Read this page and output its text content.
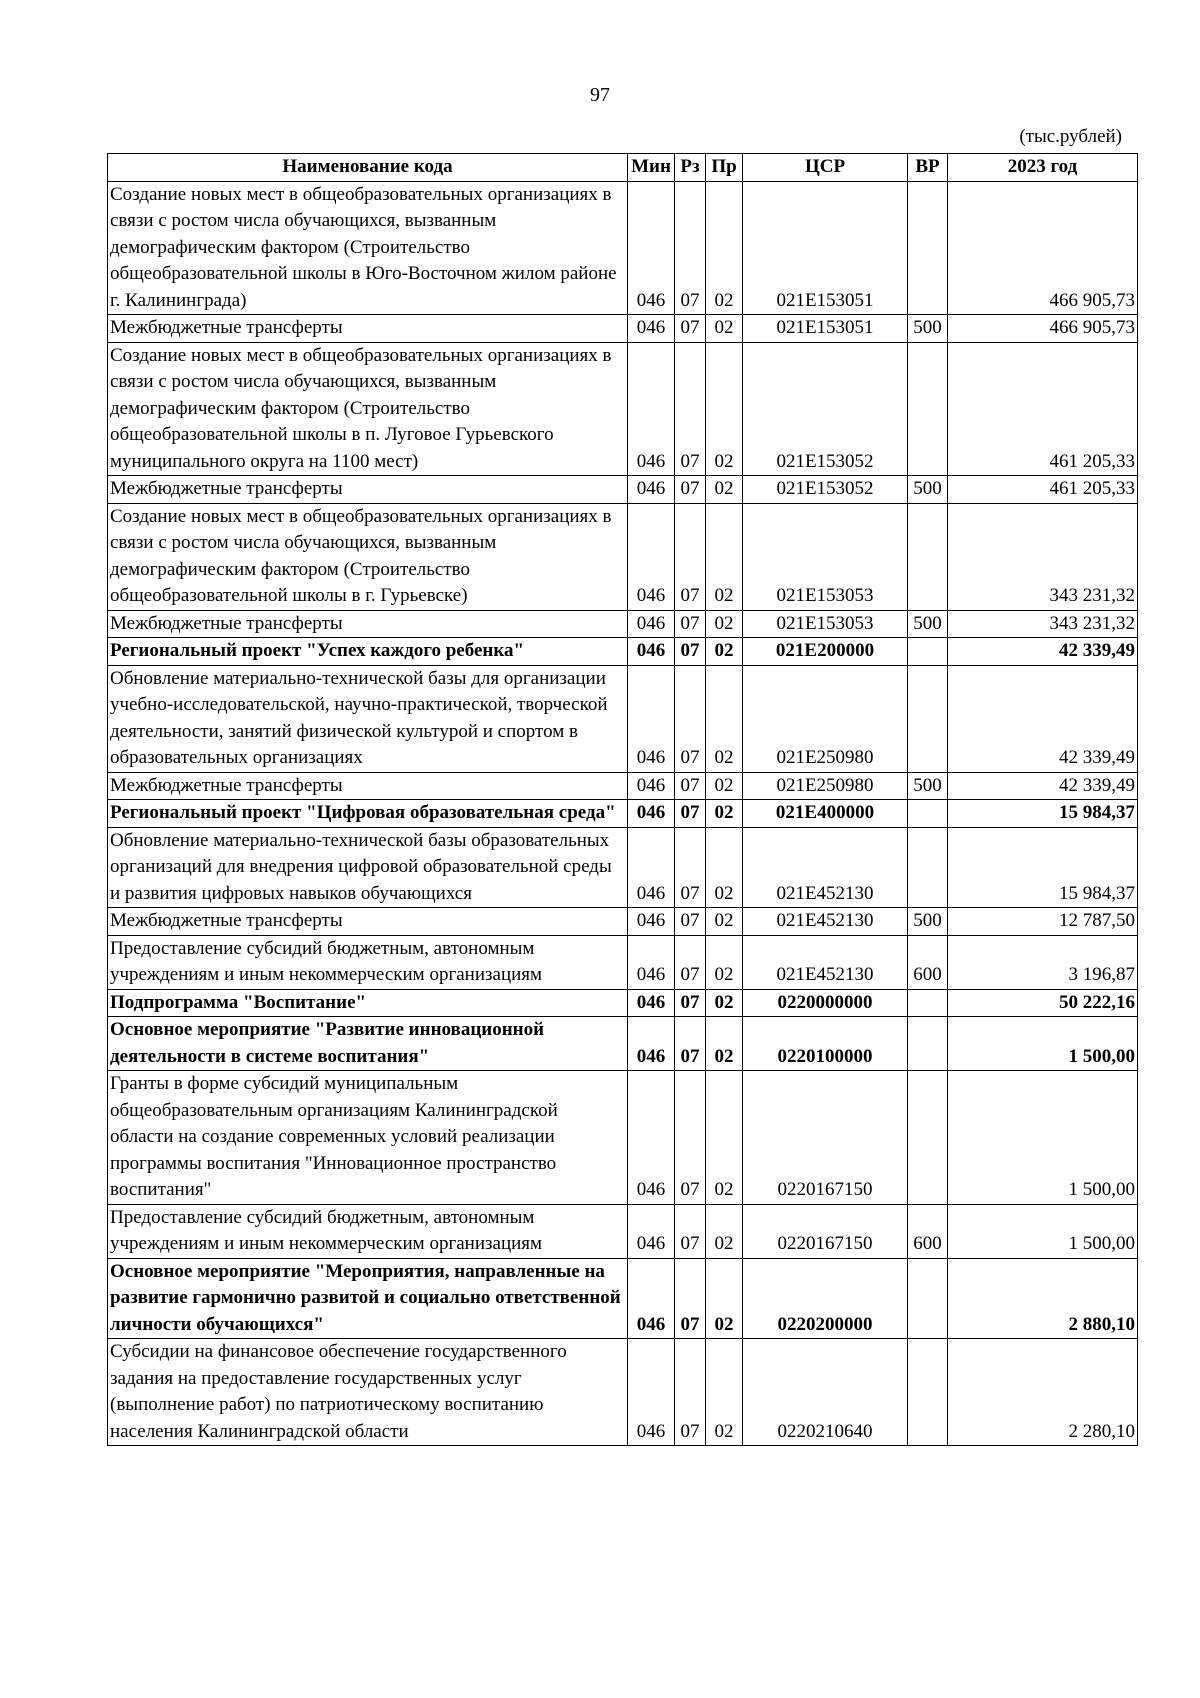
97
(тыс.рублей)
Наименование кода	Мин	Рз	Пр	ЦСР	ВР	2023 год
Создание новых мест в общеобразовательных организациях в связи с ростом числа обучающихся, вызванным демографическим фактором (Строительство общеобразовательной школы в Юго-Восточном жилом районе г. Калининграда)	046	07	02	021E153051		466 905,73
Межбюджетные трансферты	046	07	02	021E153051	500	466 905,73
Создание новых мест в общеобразовательных организациях в связи с ростом числа обучающихся, вызванным демографическим фактором (Строительство общеобразовательной школы в п. Луговое Гурьевского муниципального округа на 1100 мест)	046	07	02	021E153052		461 205,33
Межбюджетные трансферты	046	07	02	021E153052	500	461 205,33
Создание новых мест в общеобразовательных организациях в связи с ростом числа обучающихся, вызванным демографическим фактором (Строительство общеобразовательной школы в г. Гурьевске)	046	07	02	021E153053		343 231,32
Межбюджетные трансферты	046	07	02	021E153053	500	343 231,32
Региональный проект "Успех каждого ребенка"	046	07	02	021E200000		42 339,49
Обновление материально-технической базы для организации учебно-исследовательской, научно-практической, творческой деятельности, занятий физической культурой и спортом в образовательных организациях	046	07	02	021E250980		42 339,49
Межбюджетные трансферты	046	07	02	021E250980	500	42 339,49
Региональный проект "Цифровая образовательная среда"	046	07	02	021E400000		15 984,37
Обновление материально-технической базы образовательных организаций для внедрения цифровой образовательной среды и развития цифровых навыков обучающихся	046	07	02	021E452130		15 984,37
Межбюджетные трансферты	046	07	02	021E452130	500	12 787,50
Предоставление субсидий бюджетным, автономным учреждениям и иным некоммерческим организациям	046	07	02	021E452130	600	3 196,87
Подпрограмма "Воспитание"	046	07	02	0220000000		50 222,16
Основное мероприятие "Развитие инновационной деятельности в системе воспитания"	046	07	02	0220100000		1 500,00
Гранты в форме субсидий муниципальным общеобразовательным организациям Калининградской области на создание современных условий реализации программы воспитания "Инновационное пространство воспитания"	046	07	02	0220167150		1 500,00
Предоставление субсидий бюджетным, автономным учреждениям и иным некоммерческим организациям	046	07	02	0220167150	600	1 500,00
Основное мероприятие "Мероприятия, направленные на развитие гармонично развитой и социально ответственной личности обучающихся"	046	07	02	0220200000		2 880,10
Субсидии на финансовое обеспечение государственного задания на предоставление государственных услуг (выполнение работ) по патриотическому воспитанию населения Калининградской области	046	07	02	0220210640		2 280,10
